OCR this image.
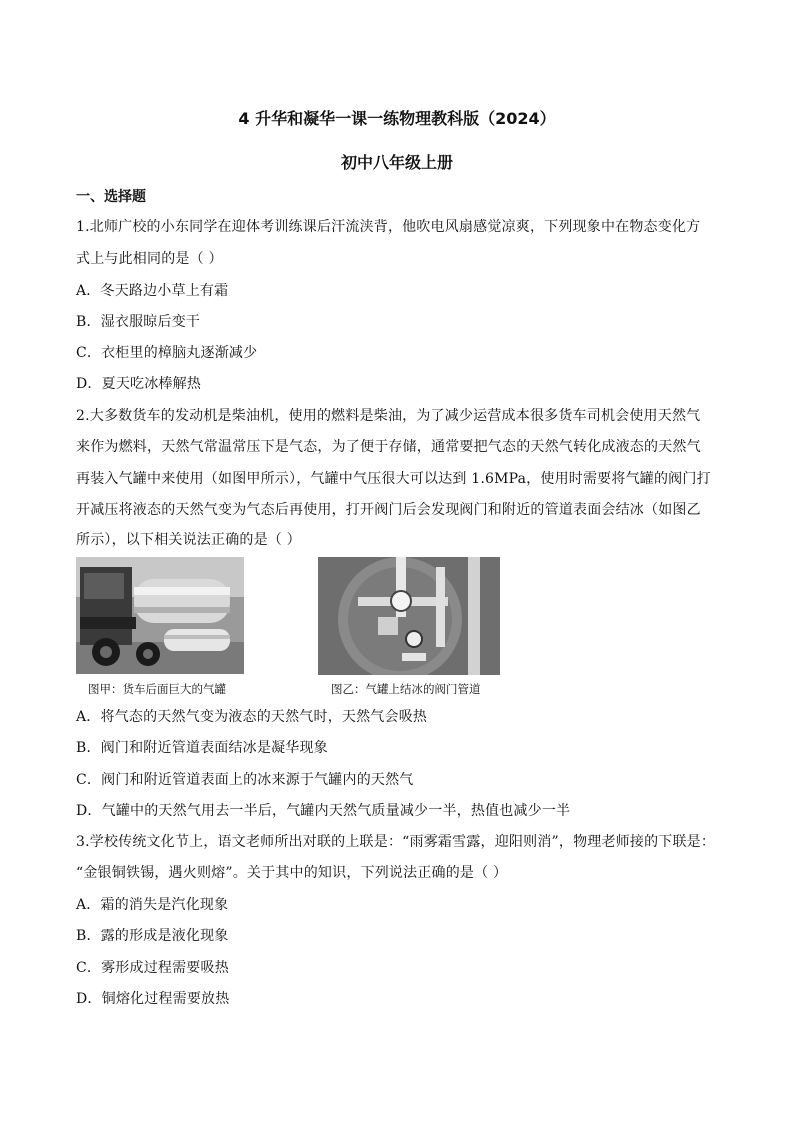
4 升华和凝华一课一练物理教科版（2024）
初中八年级上册
一、选择题
1.北师广校的小东同学在迎体考训练课后汗流浃背，他吹电风扇感觉凉爽，下列现象中在物态变化方
式上与此相同的是（ ）
A．冬天路边小草上有霜
B．湿衣服晾后变干
C．衣柜里的樟脑丸逐渐减少
D．夏天吃冰棒解热
2.大多数货车的发动机是柴油机，使用的燃料是柴油，为了减少运营成本很多货车司机会使用天然气
来作为燃料，天然气常温常压下是气态，为了便于存储，通常要把气态的天然气转化成液态的天然气
再装入气罐中来使用（如图甲所示），气罐中气压很大可以达到 1.6MPa，使用时需要将气罐的阀门打
开减压将液态的天然气变为气态后再使用，打开阀门后会发现阀门和附近的管道表面会结冰（如图乙
所示），以下相关说法正确的是（ ）
图甲：货车后面巨大的气罐	图乙：气罐上结冰的阀门管道
A．将气态的天然气变为液态的天然气时，天然气会吸热
B．阀门和附近管道表面结冰是凝华现象
C．阀门和附近管道表面上的冰来源于气罐内的天然气
D．气罐中的天然气用去一半后，气罐内天然气质量减少一半，热值也减少一半
3.学校传统文化节上，语文老师所出对联的上联是：“雨雾霜雪露，迎阳则消”，物理老师接的下联是：
“金银铜铁锡，遇火则熔”。关于其中的知识，下列说法正确的是（ ）
A．霜的消失是汽化现象
B．露的形成是液化现象
C．雾形成过程需要吸热
D．铜熔化过程需要放热
